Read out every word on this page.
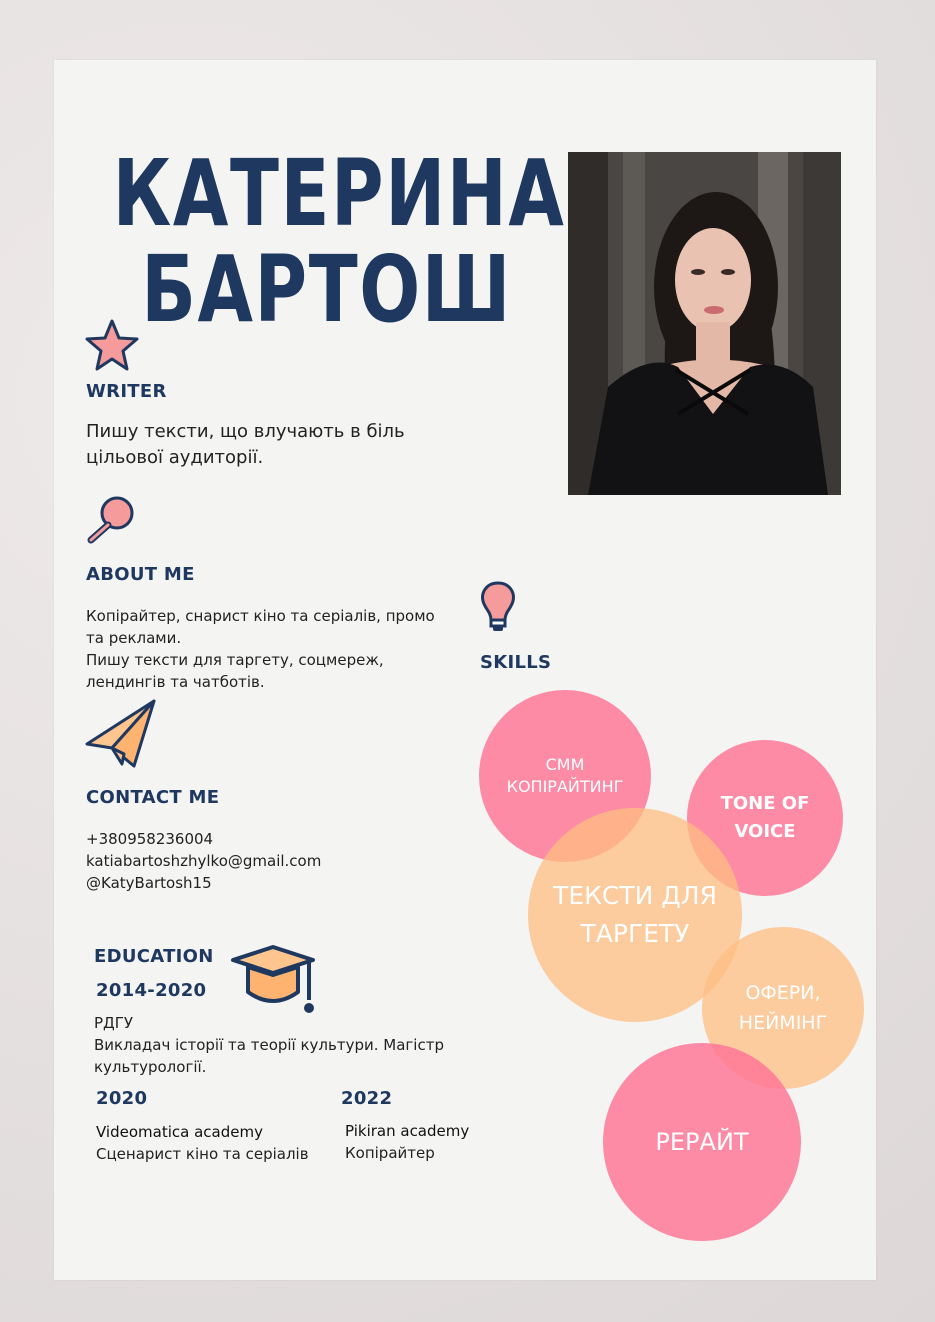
КАТЕРИНА
БАРТОШ
WRITER
Пишу тексти, що влучають в біль
цільової аудиторії.
ABOUT ME
Копірайтер, снарист кіно та серіалів, промо
та реклами.
Пишу тексти для таргету, соцмереж,
лендингів та чатботів.
CONTACT ME
+380958236004
katiabartoshzhylko@gmail.com
@KatyBartosh15
EDUCATION
2014-2020
РДГУ
Викладач історії та теорії культури. Магістр
культурології.
2020
Videomatica academy
Сценарист кіно та серіалів
2022
Pikiran academy
Копірайтер
SKILLS
СММ
КОПІРАЙТИНГ
TONE OF
VOICE
ТЕКСТИ ДЛЯ
ТАРГЕТУ
ОФЕРИ,
НЕЙМІНГ
РЕРАЙТ
